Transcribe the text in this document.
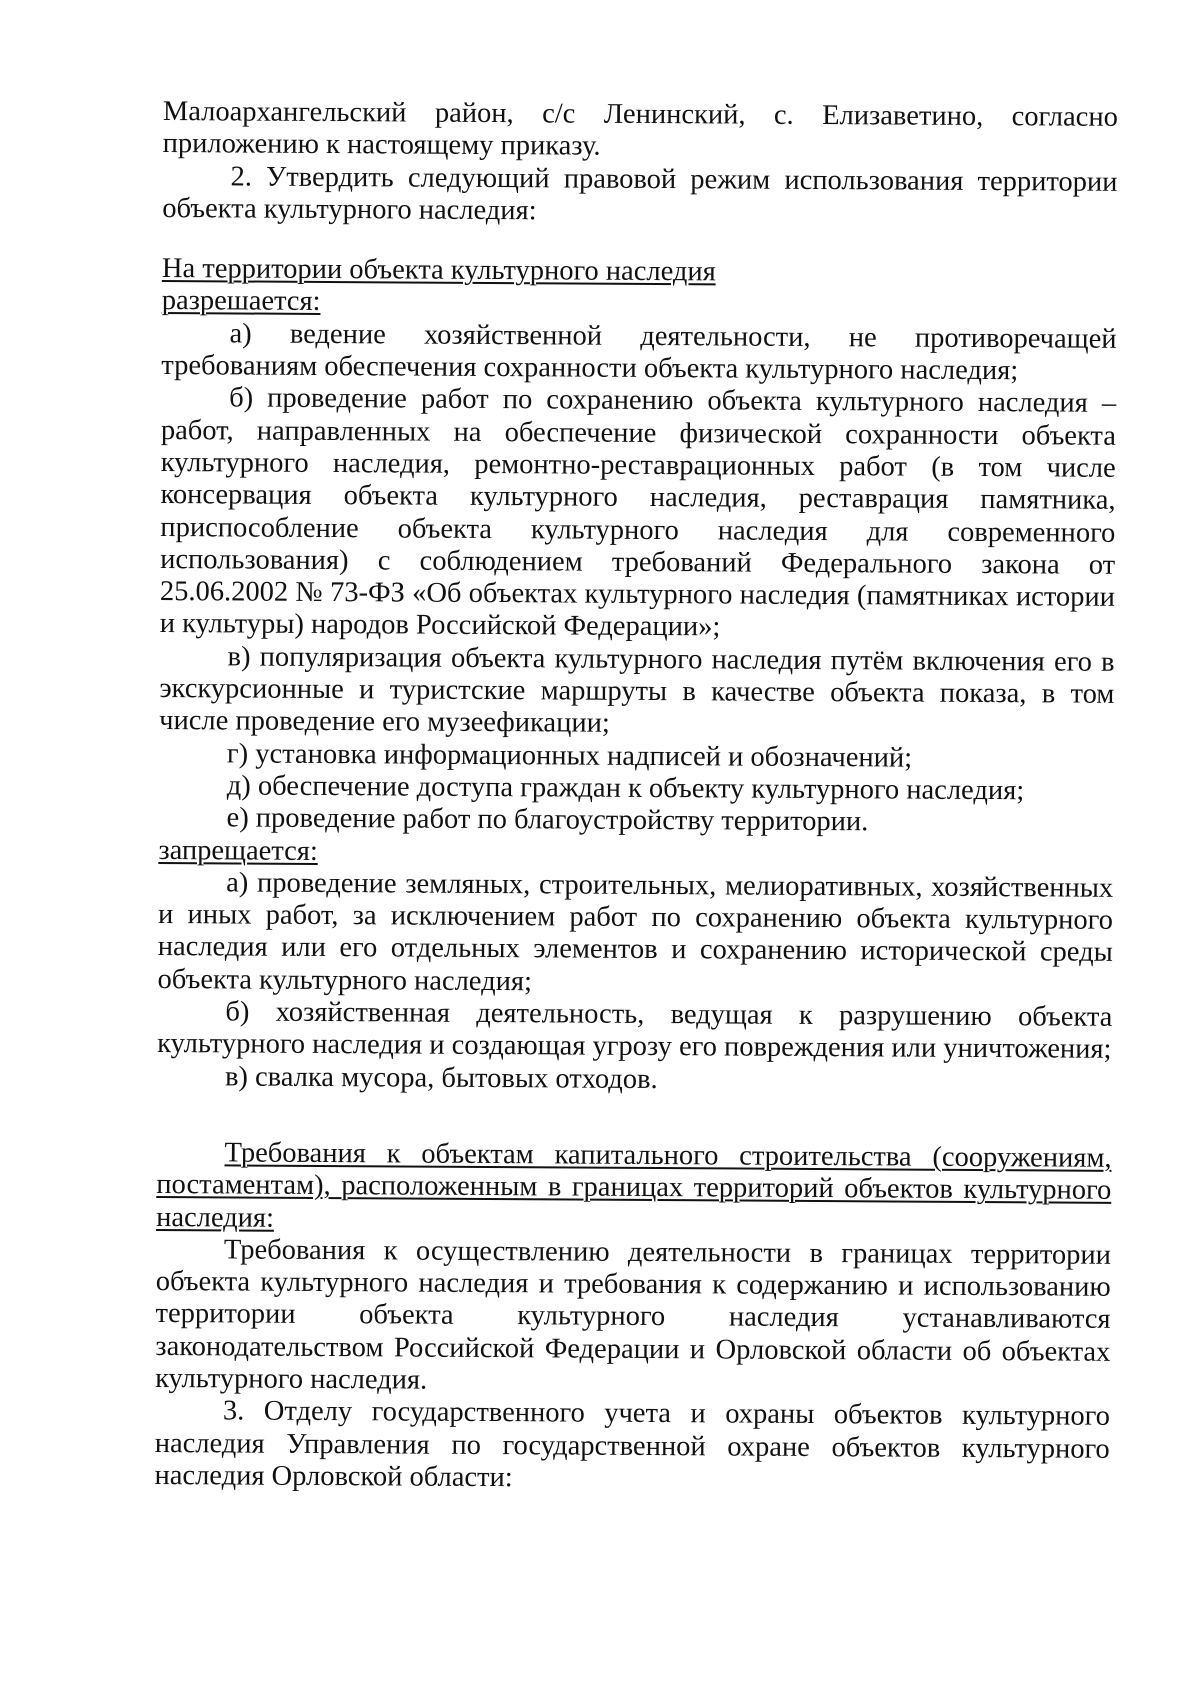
Малоархангельский район, с/с Ленинский, с. Елизаветино, согласно приложению к настоящему приказу.

2. Утвердить следующий правовой режим использования территории объекта культурного наследия:

На территории объекта культурного наследия

разрешается:

а) ведение хозяйственной деятельности, не противоречащей требованиям обеспечения сохранности объекта культурного наследия;

б) проведение работ по сохранению объекта культурного наследия – работ, направленных на обеспечение физической сохранности объекта культурного наследия, ремонтно-реставрационных работ (в том числе консервация объекта культурного наследия, реставрация памятника, приспособление объекта культурного наследия для современного использования) с соблюдением требований Федерального закона от 25.06.2002 № 73-ФЗ «Об объектах культурного наследия (памятниках истории и культуры) народов Российской Федерации»;

в) популяризация объекта культурного наследия путём включения его в экскурсионные и туристские маршруты в качестве объекта показа, в том числе проведение его музеефикации;

г) установка информационных надписей и обозначений;

д) обеспечение доступа граждан к объекту культурного наследия;

е) проведение работ по благоустройству территории.

запрещается:

а) проведение земляных, строительных, мелиоративных, хозяйственных и иных работ, за исключением работ по сохранению объекта культурного наследия или его отдельных элементов и сохранению исторической среды объекта культурного наследия;

б) хозяйственная деятельность, ведущая к разрушению объекта культурного наследия и создающая угрозу его повреждения или уничтожения;

в) свалка мусора, бытовых отходов.

Требования к объектам капитального строительства (сооружениям, постаментам), расположенным в границах территорий объектов культурного наследия:

Требования к осуществлению деятельности в границах территории объекта культурного наследия и требования к содержанию и использованию территории объекта культурного наследия устанавливаются законодательством Российской Федерации и Орловской области об объектах культурного наследия.

3. Отделу государственного учета и охраны объектов культурного наследия Управления по государственной охране объектов культурного наследия Орловской области:
